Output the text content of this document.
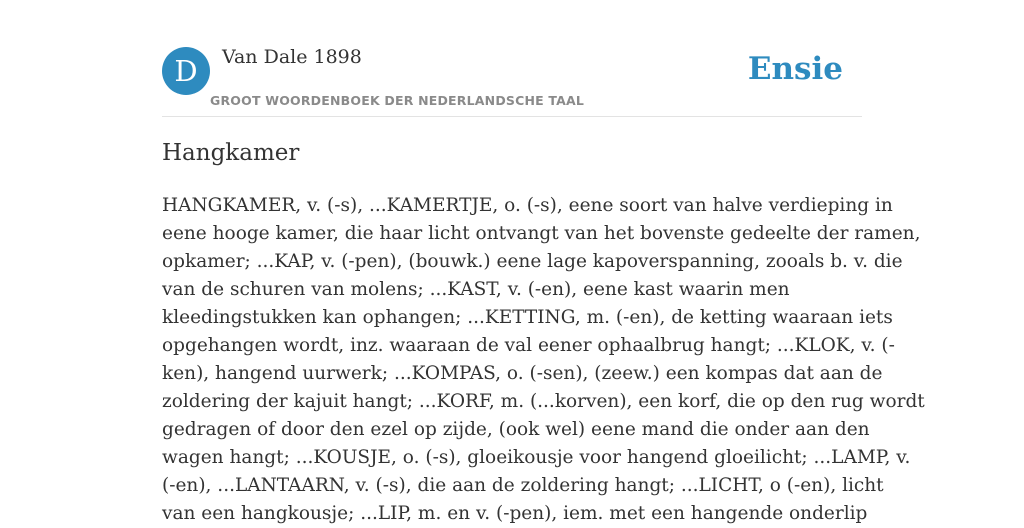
D	Van Dale 1898
GROOT WOORDENBOEK DER NEDERLANDSCHE TAAL
Ensie
Hangkamer
HANGKAMER, v. (-s), ...KAMERTJE, o. (-s), eene soort van halve verdieping in
eene hooge kamer, die haar licht ontvangt van het bovenste gedeelte der ramen,
opkamer; ...KAP, v. (-pen), (bouwk.) eene lage kapoverspanning, zooals b. v. die
van de schuren van molens; ...KAST, v. (-en), eene kast waarin men
kleedingstukken kan ophangen; ...KETTING, m. (-en), de ketting waaraan iets
opgehangen wordt, inz. waaraan de val eener ophaalbrug hangt; ...KLOK, v. (-
ken), hangend uurwerk; ...KOMPAS, o. (-sen), (zeew.) een kompas dat aan de
zoldering der kajuit hangt; ...KORF, m. (...korven), een korf, die op den rug wordt
gedragen of door den ezel op zijde, (ook wel) eene mand die onder aan den
wagen hangt; ...KOUSJE, o. (-s), gloeikousje voor hangend gloeilicht; ...LAMP, v.
(-en), ...LANTAARN, v. (-s), die aan de zoldering hangt; ...LICHT, o (-en), licht
van een hangkousje; ...LIP, m. en v. (-pen), iem. met een hangende onderlip
